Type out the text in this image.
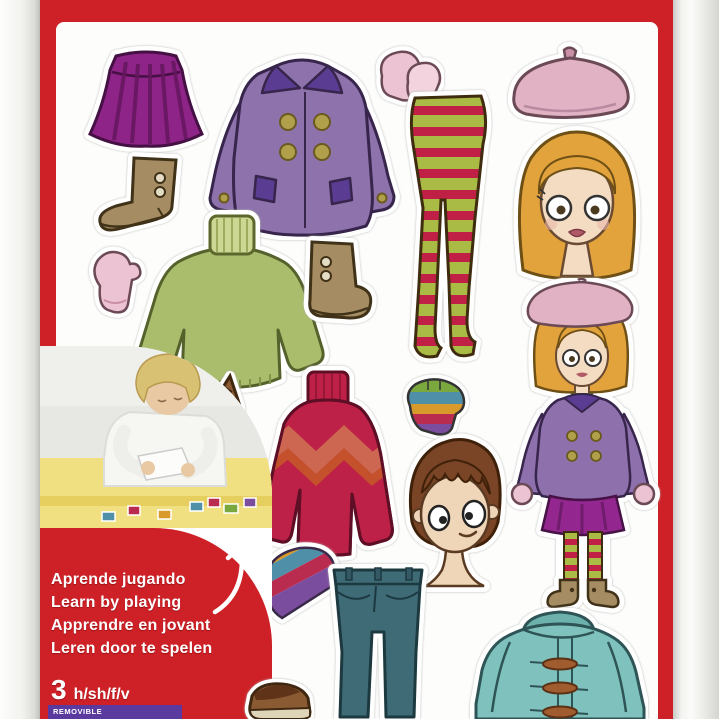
Aprende jugando
Learn by playing
Apprendre en jovant
Leren door te spelen
3 h/sh/f/v
REMOVIBLE
